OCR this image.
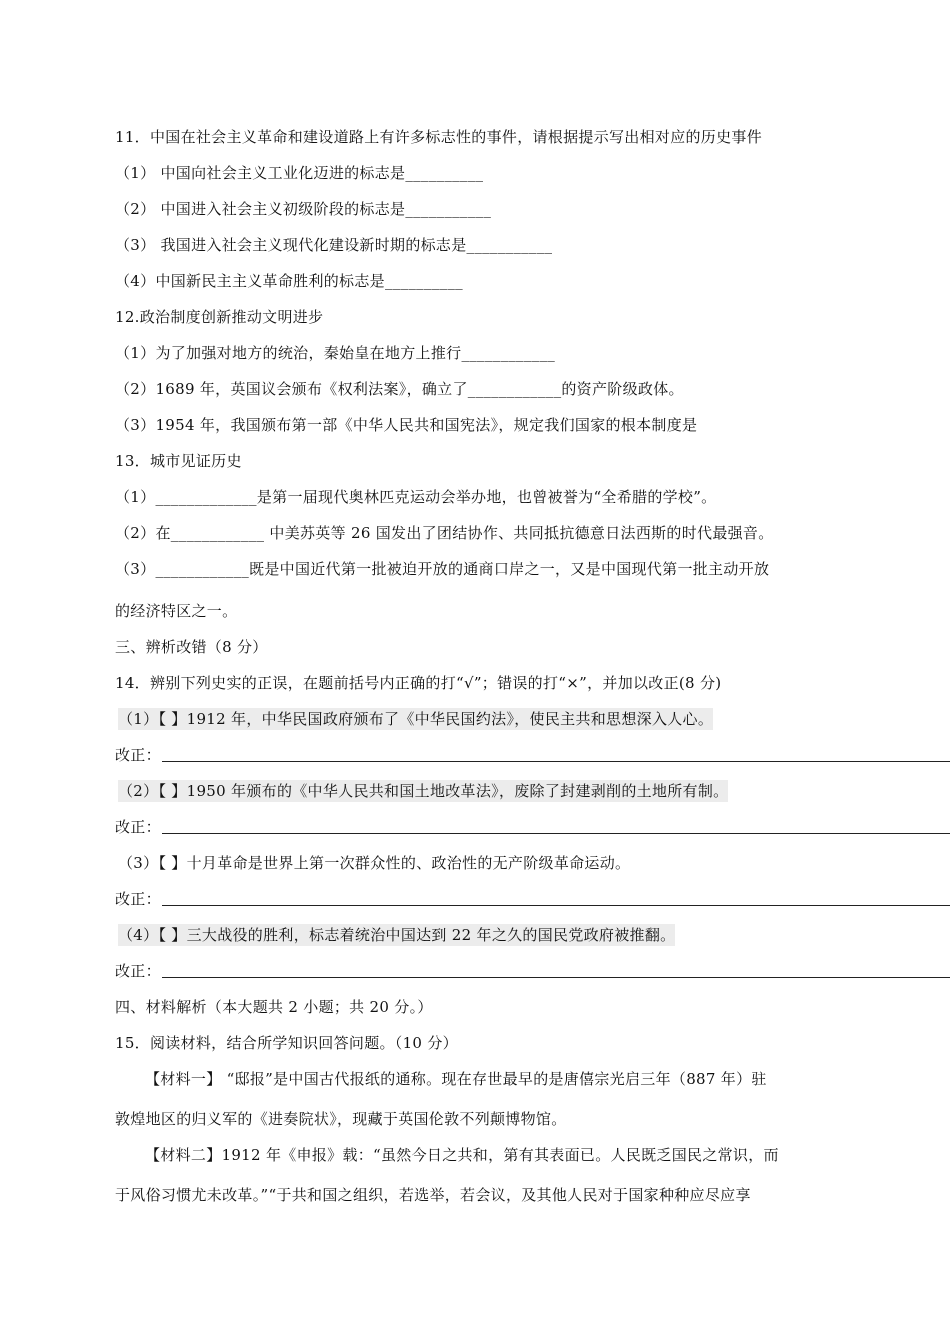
11．中国在社会主义革命和建设道路上有许多标志性的事件，请根据提示写出相对应的历史事件
（1） 中国向社会主义工业化迈进的标志是__________
（2） 中国进入社会主义初级阶段的标志是___________
（3） 我国进入社会主义现代化建设新时期的标志是___________
（4）中国新民主主义革命胜利的标志是__________
12.政治制度创新推动文明进步
（1）为了加强对地方的统治，秦始皇在地方上推行____________
（2）1689 年，英国议会颁布《权利法案》，确立了____________的资产阶级政体。
（3）1954 年，我国颁布第一部《中华人民共和国宪法》，规定我们国家的根本制度是
13．城市见证历史
（1）_____________是第一届现代奥林匹克运动会举办地，也曾被誉为“全希腊的学校”。
（2）在____________ 中美苏英等 26 国发出了团结协作、共同抵抗德意日法西斯的时代最强音。
（3）____________既是中国近代第一批被迫开放的通商口岸之一，又是中国现代第一批主动开放
的经济特区之一。
三、辨析改错（8 分）
14．辨别下列史实的正误，在题前括号内正确的打“√”；错误的打“×”，并加以改正(8 分)
（1）【 】1912 年，中华民国政府颁布了《中华民国约法》，使民主共和思想深入人心。
改正：
（2）【 】1950 年颁布的《中华人民共和国土地改革法》，废除了封建剥削的土地所有制。
改正：
（3）【 】十月革命是世界上第一次群众性的、政治性的无产阶级革命运动。
改正：
（4）【 】三大战役的胜利，标志着统治中国达到 22 年之久的国民党政府被推翻。
改正：
四、材料解析（本大题共 2 小题；共 20 分。）
15．阅读材料，结合所学知识回答问题。（10 分）
【材料一】 “邸报”是中国古代报纸的通称。现在存世最早的是唐僖宗光启三年（887 年）驻
敦煌地区的归义军的《进奏院状》，现藏于英国伦敦不列颠博物馆。
【材料二】1912 年《申报》载：“虽然今日之共和，第有其表面已。人民既乏国民之常识，而
于风俗习惯尤未改革。”“于共和国之组织，若选举，若会议，及其他人民对于国家种种应尽应享
